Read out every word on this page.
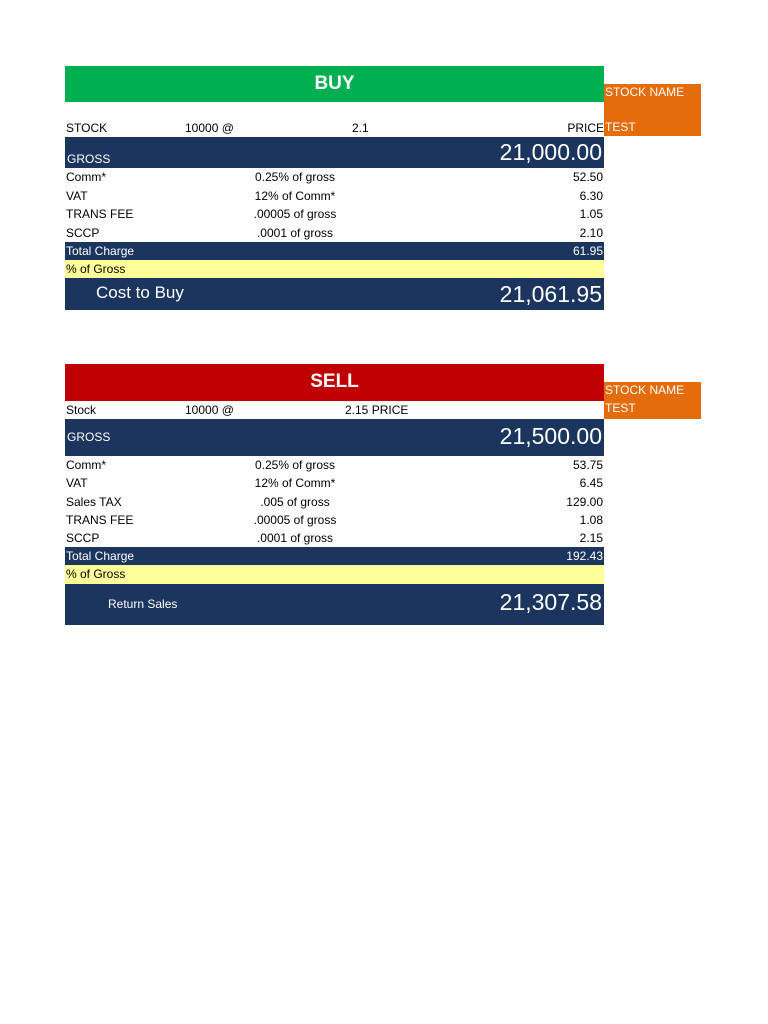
BUY	STOCK NAME
TEST
STOCK	10000 @	2.1	PRICE
GROSS	21,000.00
Comm*	0.25% of gross	52.50
VAT	12% of Comm*	6.30
TRANS FEE	.00005 of gross	1.05
SCCP	.0001 of gross	2.10
Total Charge	61.95
% of Gross
Cost to Buy	21,061.95
SELL	STOCK NAME
TEST
Stock	10000 @	2.15 PRICE
GROSS	21,500.00
Comm*	0.25% of gross	53.75
VAT	12% of Comm*	6.45
Sales TAX	.005 of gross	129.00
TRANS FEE	.00005 of gross	1.08
SCCP	.0001 of gross	2.15
Total Charge	192.43
% of Gross
Return Sales	21,307.58
